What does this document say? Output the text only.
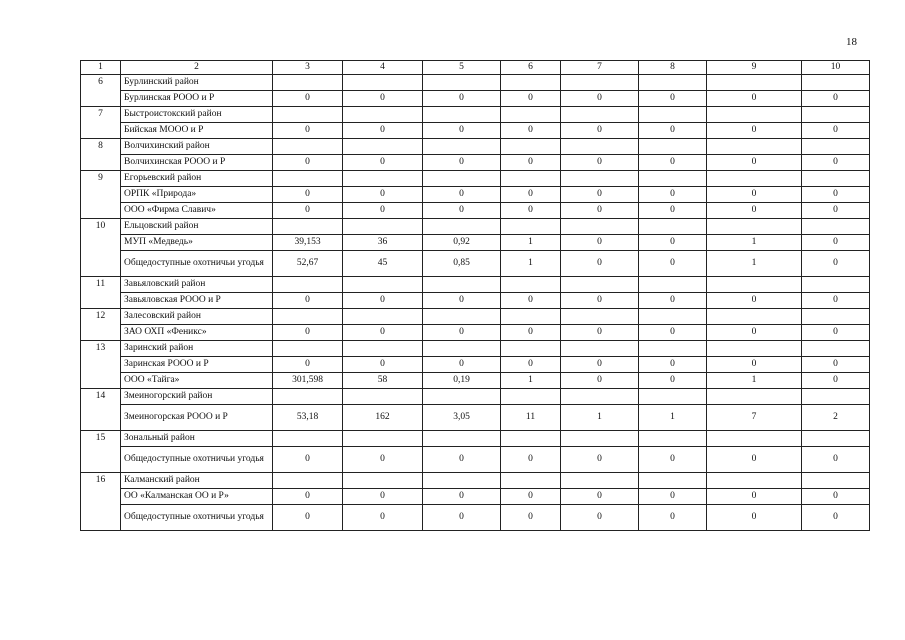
18
1	2	3	4	5	6	7	8	9	10
6	Бурлинский район								
	Бурлинская РООО и Р	0	0	0	0	0	0	0	0
7	Быстроистокский район								
	Бийская МООО и Р	0	0	0	0	0	0	0	0
8	Волчихинский район								
	Волчихинская РООО и Р	0	0	0	0	0	0	0	0
9	Егорьевский район								
	ОРПК «Природа»	0	0	0	0	0	0	0	0
	ООО «Фирма Славич»	0	0	0	0	0	0	0	0
10	Ельцовский район								
	МУП «Медведь»	39,153	36	0,92	1	0	0	1	0
	Общедоступные охотничьи угодья	52,67	45	0,85	1	0	0	1	0
11	Завьяловский район								
	Завьяловская РООО и Р	0	0	0	0	0	0	0	0
12	Залесовский район								
	ЗАО ОХП «Феникс»	0	0	0	0	0	0	0	0
13	Заринский район								
	Заринская РООО и Р	0	0	0	0	0	0	0	0
	ООО «Тайга»	301,598	58	0,19	1	0	0	1	0
14	Змеиногорский район								
	Змеиногорская РООО и Р	53,18	162	3,05	11	1	1	7	2
15	Зональный район								
	Общедоступные охотничьи угодья	0	0	0	0	0	0	0	0
16	Калманский район								
	ОО «Калманская ОО и Р»	0	0	0	0	0	0	0	0
	Общедоступные охотничьи угодья	0	0	0	0	0	0	0	0
